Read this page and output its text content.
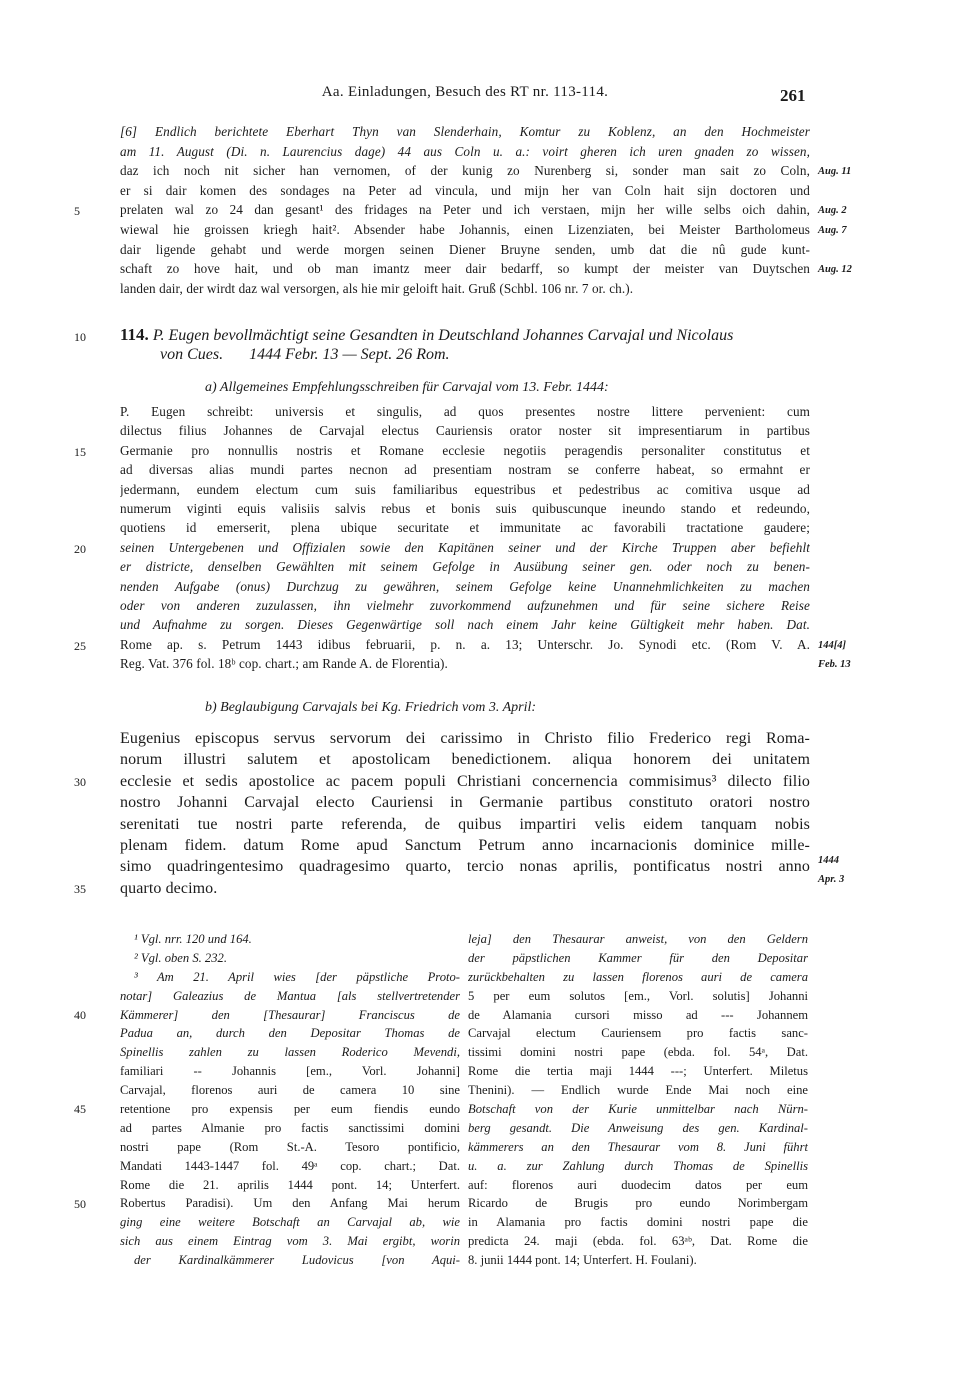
Aa. Einladungen, Besuch des RT nr. 113-114.	261
[6] Endlich berichtete Eberhart Thyn van Slenderhain, Komtur zu Koblenz, an den Hochmeister
am 11. August (Di. n. Laurencius dage) 44 aus Coln u. a.: voirt gheren ich uren gnaden zo wissen,
daz ich noch nit sicher han vernomen, of der kunig zo Nurenberg si, sonder man sait zo Coln,
er si dair komen des sondages na Peter ad vincula, und mijn her van Coln hait sijn doctoren und
prelaten wal zo 24 dan gesant¹ des fridages na Peter und ich verstaen, mijn her wille selbs oich dahin,
wiewal hie groissen kriegh hait². Absender habe Johannis, einen Lizenziaten, bei Meister Bartholomeus
dair ligende gehabt und werde morgen seinen Diener Bruyne senden, umb dat die nû gude kunt-
schaft zo hove hait, und ob man imantz meer dair bedarff, so kumpt der meister van Duytschen
landen dair, der wirdt daz wal versorgen, als hie mir geloift hait. Gruß (Schbl. 106 nr. 7 or. ch.).
5
Aug. 11
Aug. 2
Aug. 7
Aug. 12
10	114. P. Eugen bevollmächtigt seine Gesandten in Deutschland Johannes Carvajal und Nicolaus
von Cues. 1444 Febr. 13 — Sept. 26 Rom.
a) Allgemeines Empfehlungsschreiben für Carvajal vom 13. Febr. 1444:
P. Eugen schreibt: universis et singulis, ad quos presentes nostre littere pervenient: cum
dilectus filius Johannes de Carvajal electus Cauriensis orator noster sit impresentiarum in partibus
Germanie pro nonnullis nostris et Romane ecclesie negotiis peragendis personaliter constitutus et
ad diversas alias mundi partes necnon ad presentiam nostram se conferre habeat, so ermahnt er
jedermann, eundem electum cum suis familiaribus equestribus et pedestribus ac comitiva usque ad
numerum viginti equis valisiis salvis rebus et bonis suis quibuscunque ineundo stando et redeundo,
quotiens id emerserit, plena ubique securitate et immunitate ac favorabili tractatione gaudere;
seinen Untergebenen und Offizialen sowie den Kapitänen seiner und der Kirche Truppen aber befiehlt
er districte, denselben Gewählten mit seinem Gefolge in Ausübung seiner gen. oder noch zu benen-
nenden Aufgabe (onus) Durchzug zu gewähren, seinem Gefolge keine Unannehmlichkeiten zu machen
oder von anderen zuzulassen, ihn vielmehr zuvorkommend aufzunehmen und für seine sichere Reise
und Aufnahme zu sorgen. Dieses Gegenwärtige soll nach einem Jahr keine Gültigkeit mehr haben. Dat.
Rome ap. s. Petrum 1443 idibus februarii, p. n. a. 13; Unterschr. Jo. Synodi etc. (Rom V. A.
Reg. Vat. 376 fol. 18ᵇ cop. chart.; am Rande A. de Florentia).
15
20
25	144[4]
Feb. 13
b) Beglaubigung Carvajals bei Kg. Friedrich vom 3. April:
Eugenius episcopus servus servorum dei carissimo in Christo filio Frederico regi Roma-
norum illustri salutem et apostolicam benedictionem. aliqua honorem dei unitatem
ecclesie et sedis apostolice ac pacem populi Christiani concernencia commisimus³ dilecto filio
nostro Johanni Carvajal electo Cauriensi in Germanie partibus constituto oratori nostro
serenitati tue nostri parte referenda, de quibus impartiri velis eidem tanquam nobis
plenam fidem. datum Rome apud Sanctum Petrum anno incarnacionis dominice mille-
simo quadringentesimo quadragesimo quarto, tercio nonas aprilis, pontificatus nostri anno
quarto decimo.
30
35
1444
Apr. 3
¹ Vgl. nrr. 120 und 164.
² Vgl. oben S. 232.
³ Am 21. April wies [der päpstliche Proto-
notar] Galeazius de Mantua [als stellvertretender
Kämmerer] den [Thesaurar] Franciscus de
Padua an, durch den Depositar Thomas de
Spinellis zahlen zu lassen Roderico Mevendi,
familiari -- Johannis [em., Vorl. Johanni]
Carvajal, florenos auri de camera 10 sine
retentione pro expensis per eum fiendis eundo
ad partes Almanie pro factis sanctissimi domini
nostri pape (Rom St.-A. Tesoro pontificio,
Mandati 1443-1447 fol. 49ᵃ cop. chart.; Dat.
Rome die 21. aprilis 1444 pont. 14; Unterfert.
Robertus Paradisi). Um den Anfang Mai herum
ging eine weitere Botschaft an Carvajal ab, wie
sich aus einem Eintrag vom 3. Mai ergibt, worin
der Kardinalkämmerer Ludovicus [von Aqui-
leja] den Thesaurar anweist, von den Geldern
der päpstlichen Kammer für den Depositar
zurückbehalten zu lassen florenos auri de camera
5 per eum solutos [em., Vorl. solutis] Johanni
de Alamania cursori misso ad --- Johannem
Carvajal electum Cauriensem pro factis sanc-
tissimi domini nostri pape (ebda. fol. 54ᵃ, Dat.
Rome die tertia maji 1444 ---; Unterfert. Miletus
Thenini). — Endlich wurde Ende Mai noch eine
Botschaft von der Kurie unmittelbar nach Nürn-
berg gesandt. Die Anweisung des gen. Kardinal-
kämmerers an den Thesaurar vom 8. Juni führt
u. a. zur Zahlung durch Thomas de Spinellis
auf: florenos auri duodecim datos per eum
Ricardo de Brugis pro eundo Norimbergam
in Alamania pro factis domini nostri pape die
predicta 24. maji (ebda. fol. 63ᵃᵇ, Dat. Rome die
8. junii 1444 pont. 14; Unterfert. H. Foulani).
40
45
50
